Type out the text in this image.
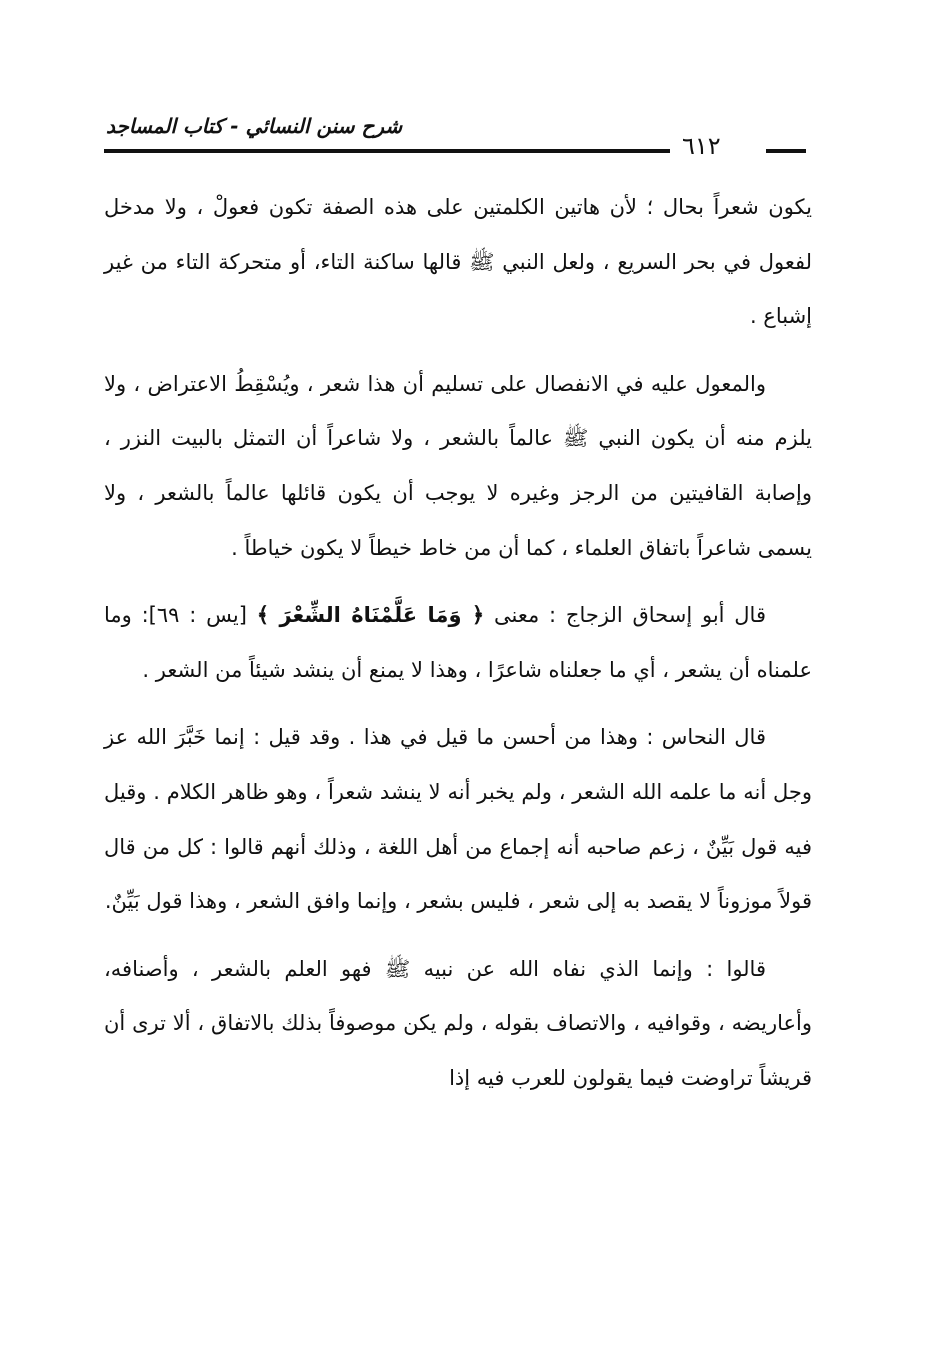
شرح سنن النسائي - كتاب المساجد
٦١٢

يكون شعراً بحال ؛ لأن هاتين الكلمتين على هذه الصفة تكون فعولْ ، ولا مدخل لفعول في بحر السريع ، ولعل النبي ﷺ قالها ساكنة التاء، أو متحركة التاء من غير إشباع .

والمعول عليه في الانفصال على تسليم أن هذا شعر ، ويُسْقِطُ الاعتراض ، ولا يلزم منه أن يكون النبي ﷺ عالماً بالشعر ، ولا شاعراً أن التمثل بالبيت النزر ، وإصابة القافيتين من الرجز وغيره لا يوجب أن يكون قائلها عالماً بالشعر ، ولا يسمى شاعراً باتفاق العلماء ، كما أن من خاط خيطاً لا يكون خياطاً .

قال أبو إسحاق الزجاج : معنى ﴿ وَمَا عَلَّمْنَاهُ الشِّعْرَ ﴾ [يس : ٦٩]: وما علمناه أن يشعر ، أي ما جعلناه شاعرًا ، وهذا لا يمنع أن ينشد شيئاً من الشعر .

قال النحاس : وهذا من أحسن ما قيل في هذا . وقد قيل : إنما خَبَّرَ الله عز وجل أنه ما علمه الله الشعر ، ولم يخبر أنه لا ينشد شعراً ، وهو ظاهر الكلام . وقيل فيه قول بَيِّنٌ ، زعم صاحبه أنه إجماع من أهل اللغة ، وذلك أنهم قالوا : كل من قال قولاً موزوناً لا يقصد به إلى شعر ، فليس بشعر ، وإنما وافق الشعر ، وهذا قول بَيِّنٌ.

قالوا : وإنما الذي نفاه الله عن نبيه ﷺ فهو العلم بالشعر ، وأصنافه، وأعاريضه ، وقوافيه ، والاتصاف بقوله ، ولم يكن موصوفاً بذلك بالاتفاق ، ألا ترى أن قريشاً تراوضت فيما يقولون للعرب فيه إذا
